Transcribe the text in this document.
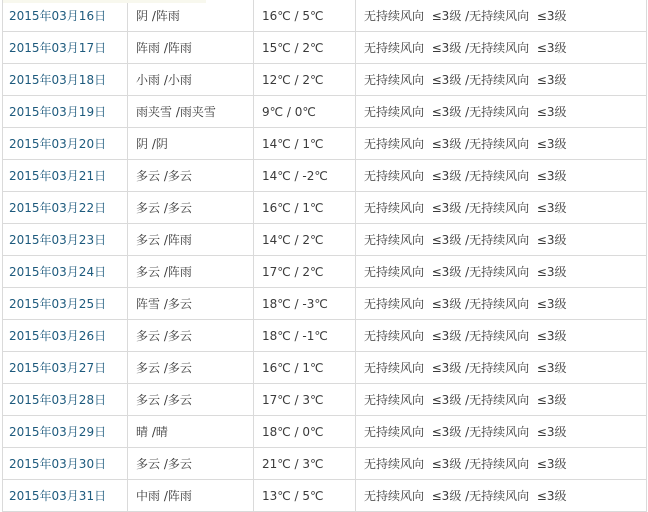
2015年03月16日	阴 /阵雨	16℃ / 5℃	无持续风向  ≤3级 /无持续风向  ≤3级
2015年03月17日	阵雨 /阵雨	15℃ / 2℃	无持续风向  ≤3级 /无持续风向  ≤3级
2015年03月18日	小雨 /小雨	12℃ / 2℃	无持续风向  ≤3级 /无持续风向  ≤3级
2015年03月19日	雨夹雪 /雨夹雪	9℃ / 0℃	无持续风向  ≤3级 /无持续风向  ≤3级
2015年03月20日	阴 /阴	14℃ / 1℃	无持续风向  ≤3级 /无持续风向  ≤3级
2015年03月21日	多云 /多云	14℃ / -2℃	无持续风向  ≤3级 /无持续风向  ≤3级
2015年03月22日	多云 /多云	16℃ / 1℃	无持续风向  ≤3级 /无持续风向  ≤3级
2015年03月23日	多云 /阵雨	14℃ / 2℃	无持续风向  ≤3级 /无持续风向  ≤3级
2015年03月24日	多云 /阵雨	17℃ / 2℃	无持续风向  ≤3级 /无持续风向  ≤3级
2015年03月25日	阵雪 /多云	18℃ / -3℃	无持续风向  ≤3级 /无持续风向  ≤3级
2015年03月26日	多云 /多云	18℃ / -1℃	无持续风向  ≤3级 /无持续风向  ≤3级
2015年03月27日	多云 /多云	16℃ / 1℃	无持续风向  ≤3级 /无持续风向  ≤3级
2015年03月28日	多云 /多云	17℃ / 3℃	无持续风向  ≤3级 /无持续风向  ≤3级
2015年03月29日	晴 /晴	18℃ / 0℃	无持续风向  ≤3级 /无持续风向  ≤3级
2015年03月30日	多云 /多云	21℃ / 3℃	无持续风向  ≤3级 /无持续风向  ≤3级
2015年03月31日	中雨 /阵雨	13℃ / 5℃	无持续风向  ≤3级 /无持续风向  ≤3级
